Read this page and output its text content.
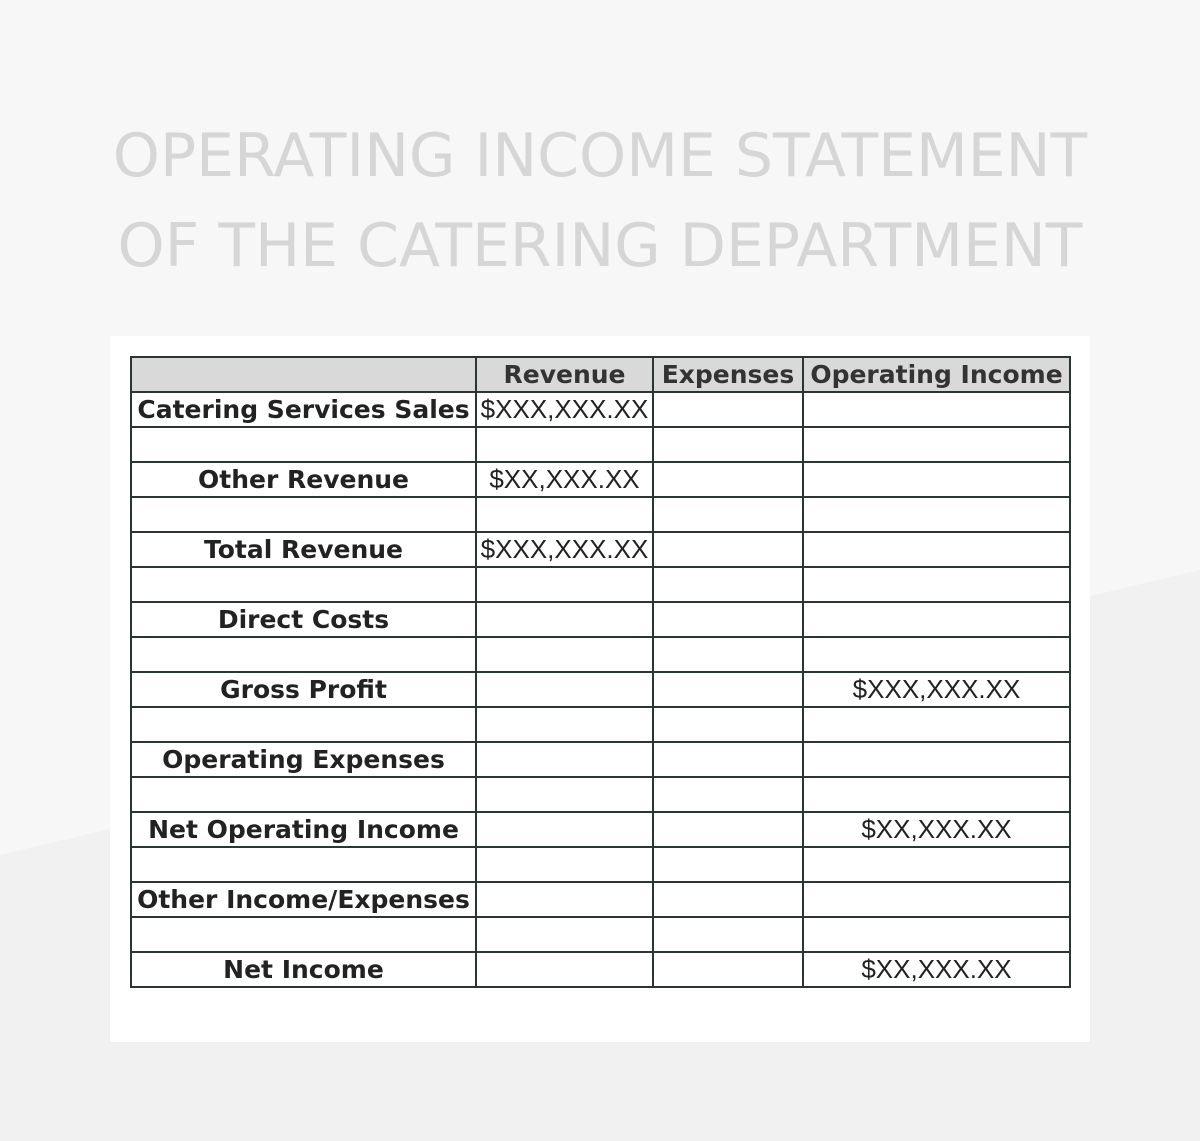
OPERATING INCOME STATEMENT
OF THE CATERING DEPARTMENT
	Revenue	Expenses	Operating Income
Catering Services Sales	$XXX,XXX.XX		

Other Revenue	$XX,XXX.XX		

Total Revenue	$XXX,XXX.XX		

Direct Costs			

Gross Profit			$XXX,XXX.XX

Operating Expenses			

Net Operating Income			$XX,XXX.XX

Other Income/Expenses			

Net Income			$XX,XXX.XX
